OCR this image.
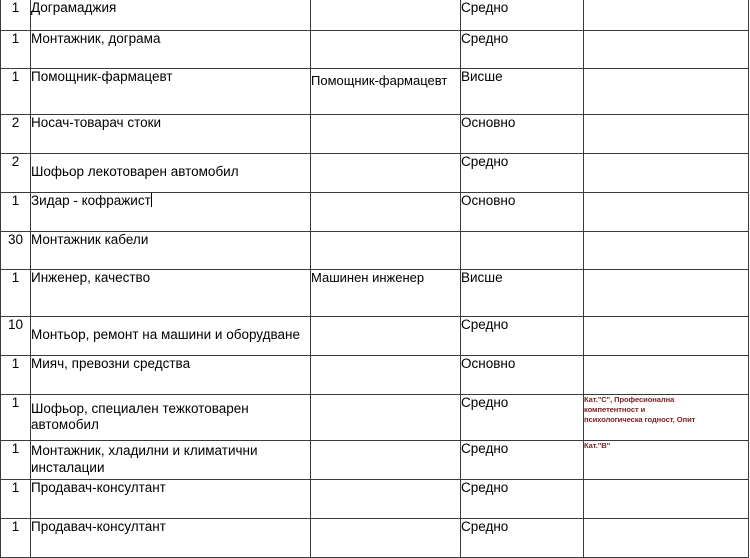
1	Дограмаджия		Средно	
1	Монтажник, дограма		Средно	
1	Помощник-фармацевт	Помощник-фармацевт	Висше	
2	Носач-товарач стоки		Основно	
2	Шофьор лекотоварен автомобил		Средно	
1	Зидар - кофражист		Основно	
30	Монтажник кабели			
1	Инженер, качество	Машинен инженер	Висше	
10	Монтьор, ремонт на машини и оборудване		Средно	
1	Мияч, превозни средства		Основно	
1	Шофьор, специален тежкотоварен автомобил		Средно	Кат."C", Професионална
компетентност и
психологическа годност, Опит

1	Монтажник, хладилни и климатични инсталации		Средно	Кат."B"

1	Продавач-консултант		Средно	
1	Продавач-консултант		Средно	
